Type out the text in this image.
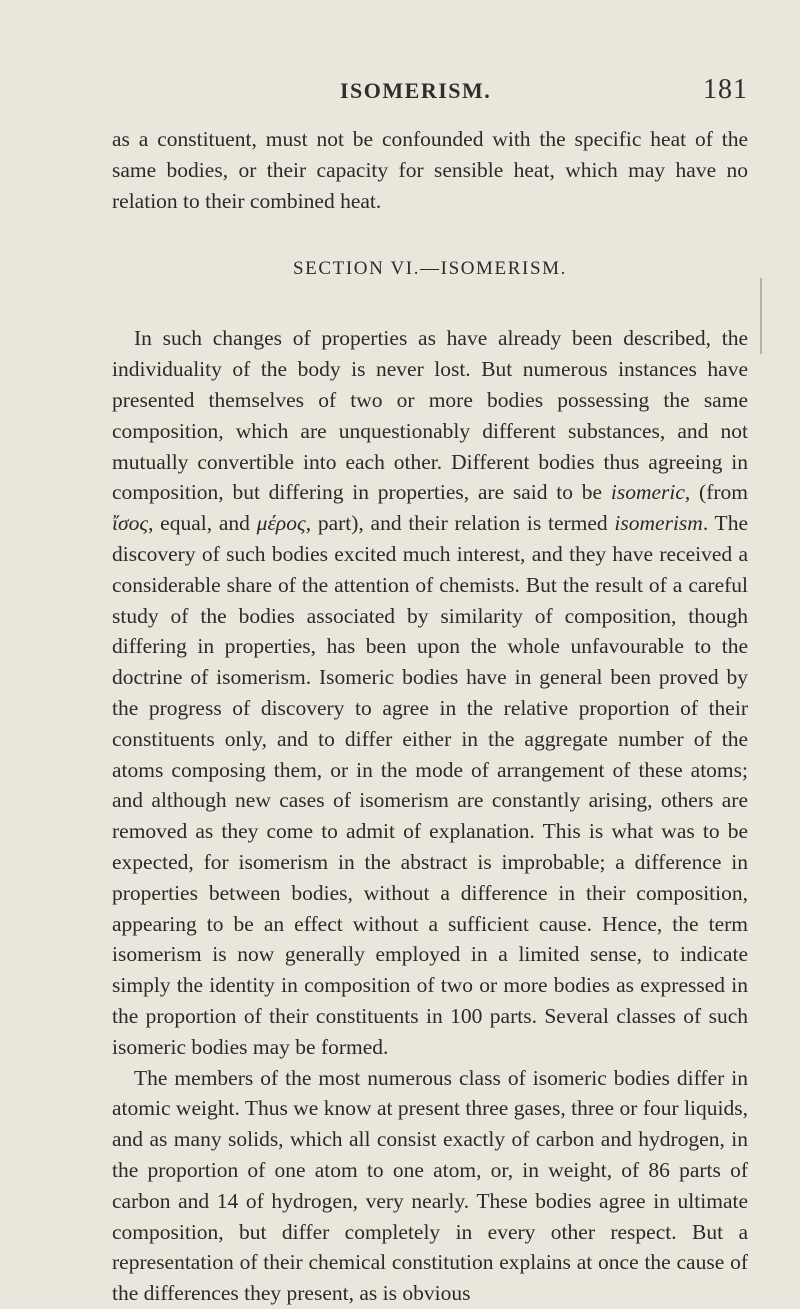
ISOMERISM.	181

as a constituent, must not be confounded with the specific heat of the same bodies, or their capacity for sensible heat, which may have no relation to their combined heat.

SECTION VI.—ISOMERISM.

In such changes of properties as have already been described, the individuality of the body is never lost. But numerous instances have presented themselves of two or more bodies possessing the same composition, which are unquestionably different substances, and not mutually convertible into each other. Different bodies thus agreeing in composition, but differing in properties, are said to be isomeric, (from ἴσος, equal, and μέρος, part), and their relation is termed isomerism. The discovery of such bodies excited much interest, and they have received a considerable share of the attention of chemists. But the result of a careful study of the bodies associated by similarity of composition, though differing in properties, has been upon the whole unfavourable to the doctrine of isomerism. Isomeric bodies have in general been proved by the progress of discovery to agree in the relative proportion of their constituents only, and to differ either in the aggregate number of the atoms composing them, or in the mode of arrangement of these atoms; and although new cases of isomerism are constantly arising, others are removed as they come to admit of explanation. This is what was to be expected, for isomerism in the abstract is improbable; a difference in properties between bodies, without a difference in their composition, appearing to be an effect without a sufficient cause. Hence, the term isomerism is now generally employed in a limited sense, to indicate simply the identity in composition of two or more bodies as expressed in the proportion of their constituents in 100 parts. Several classes of such isomeric bodies may be formed.

The members of the most numerous class of isomeric bodies differ in atomic weight. Thus we know at present three gases, three or four liquids, and as many solids, which all consist exactly of carbon and hydrogen, in the proportion of one atom to one atom, or, in weight, of 86 parts of carbon and 14 of hydrogen, very nearly. These bodies agree in ultimate composition, but differ completely in every other respect. But a representation of their chemical constitution explains at once the cause of the differences they present, as is obvious
